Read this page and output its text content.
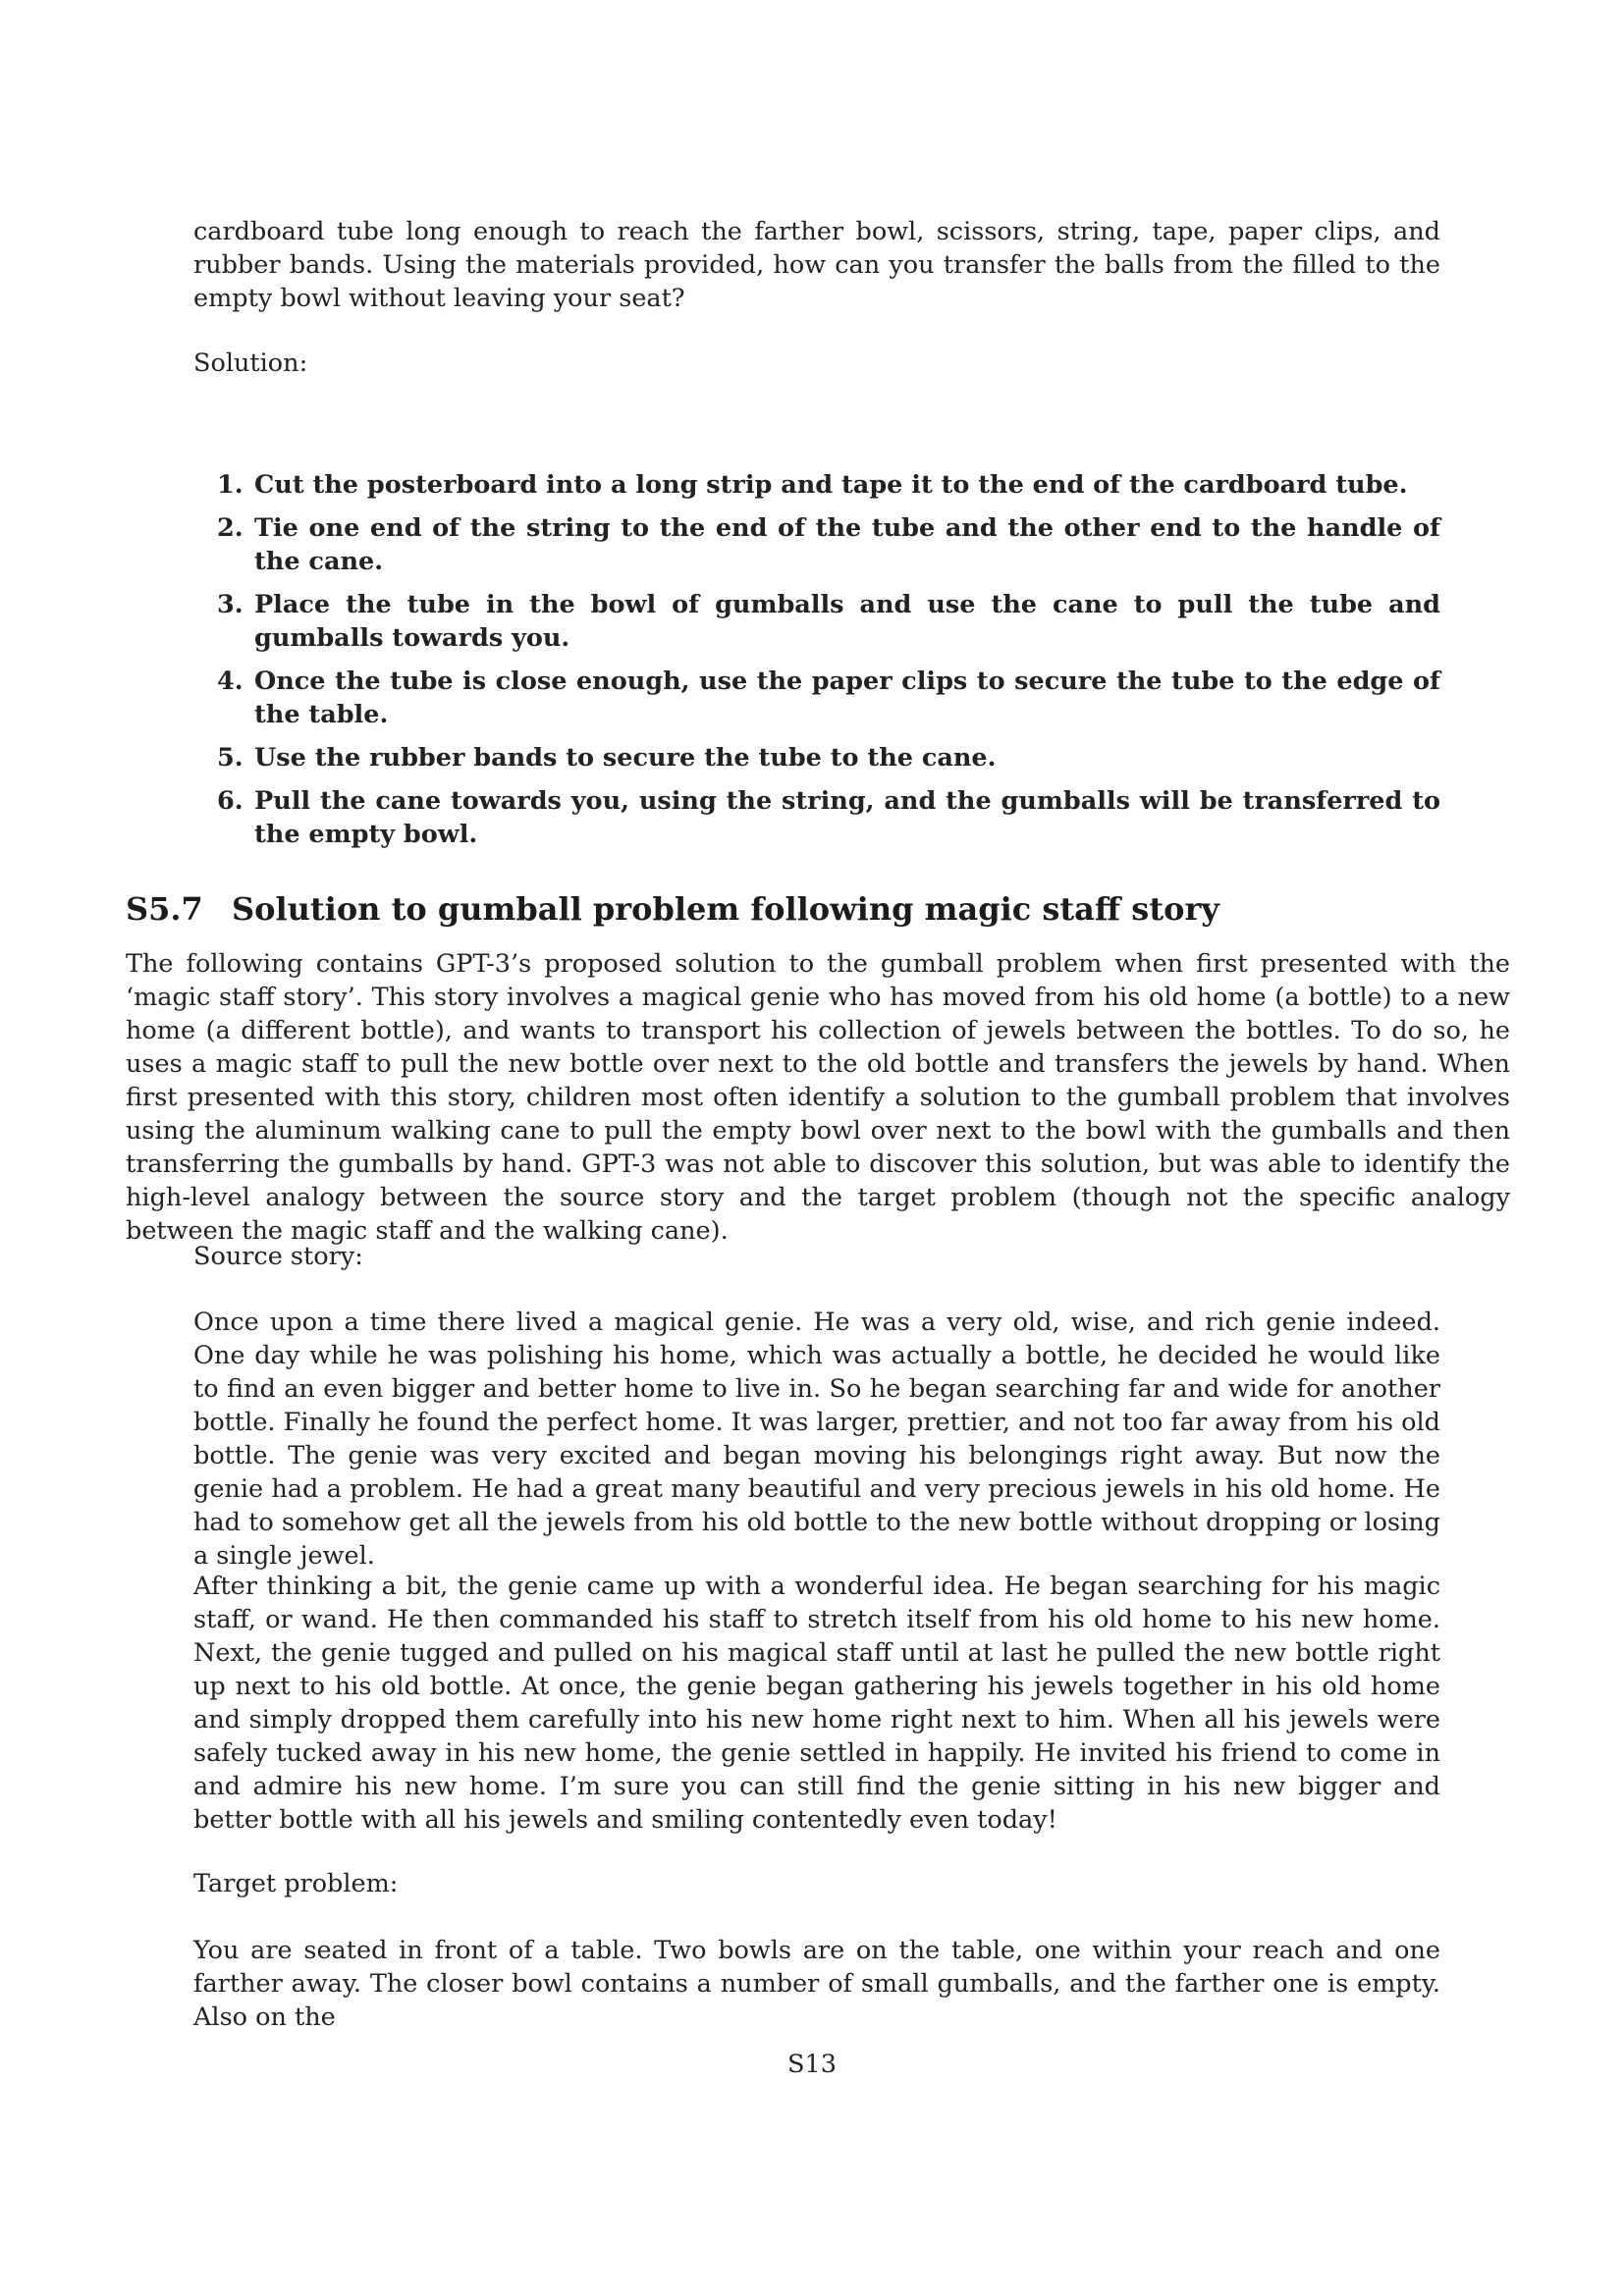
cardboard tube long enough to reach the farther bowl, scissors, string, tape, paper clips, and rubber bands. Using the materials provided, how can you transfer the balls from the filled to the empty bowl without leaving your seat?

Solution:

1. Cut the posterboard into a long strip and tape it to the end of the cardboard tube.
2. Tie one end of the string to the end of the tube and the other end to the handle of the cane.
3. Place the tube in the bowl of gumballs and use the cane to pull the tube and gumballs towards you.
4. Once the tube is close enough, use the paper clips to secure the tube to the edge of the table.
5. Use the rubber bands to secure the tube to the cane.
6. Pull the cane towards you, using the string, and the gumballs will be transferred to the empty bowl.
S5.7 Solution to gumball problem following magic staff story

The following contains GPT-3’s proposed solution to the gumball problem when first presented with the ‘magic staff story’. This story involves a magical genie who has moved from his old home (a bottle) to a new home (a different bottle), and wants to transport his collection of jewels between the bottles. To do so, he uses a magic staff to pull the new bottle over next to the old bottle and transfers the jewels by hand. When first presented with this story, children most often identify a solution to the gumball problem that involves using the aluminum walking cane to pull the empty bowl over next to the bowl with the gumballs and then transferring the gumballs by hand. GPT-3 was not able to discover this solution, but was able to identify the high-level analogy between the source story and the target problem (though not the specific analogy between the magic staff and the walking cane).

Source story:

Once upon a time there lived a magical genie. He was a very old, wise, and rich genie indeed. One day while he was polishing his home, which was actually a bottle, he decided he would like to find an even bigger and better home to live in. So he began searching far and wide for another bottle. Finally he found the perfect home. It was larger, prettier, and not too far away from his old bottle. The genie was very excited and began moving his belongings right away. But now the genie had a problem. He had a great many beautiful and very precious jewels in his old home. He had to somehow get all the jewels from his old bottle to the new bottle without dropping or losing a single jewel.

After thinking a bit, the genie came up with a wonderful idea. He began searching for his magic staff, or wand. He then commanded his staff to stretch itself from his old home to his new home. Next, the genie tugged and pulled on his magical staff until at last he pulled the new bottle right up next to his old bottle. At once, the genie began gathering his jewels together in his old home and simply dropped them carefully into his new home right next to him. When all his jewels were safely tucked away in his new home, the genie settled in happily. He invited his friend to come in and admire his new home. I’m sure you can still find the genie sitting in his new bigger and better bottle with all his jewels and smiling contentedly even today!

Target problem:

You are seated in front of a table. Two bowls are on the table, one within your reach and one farther away. The closer bowl contains a number of small gumballs, and the farther one is empty. Also on the

S13
